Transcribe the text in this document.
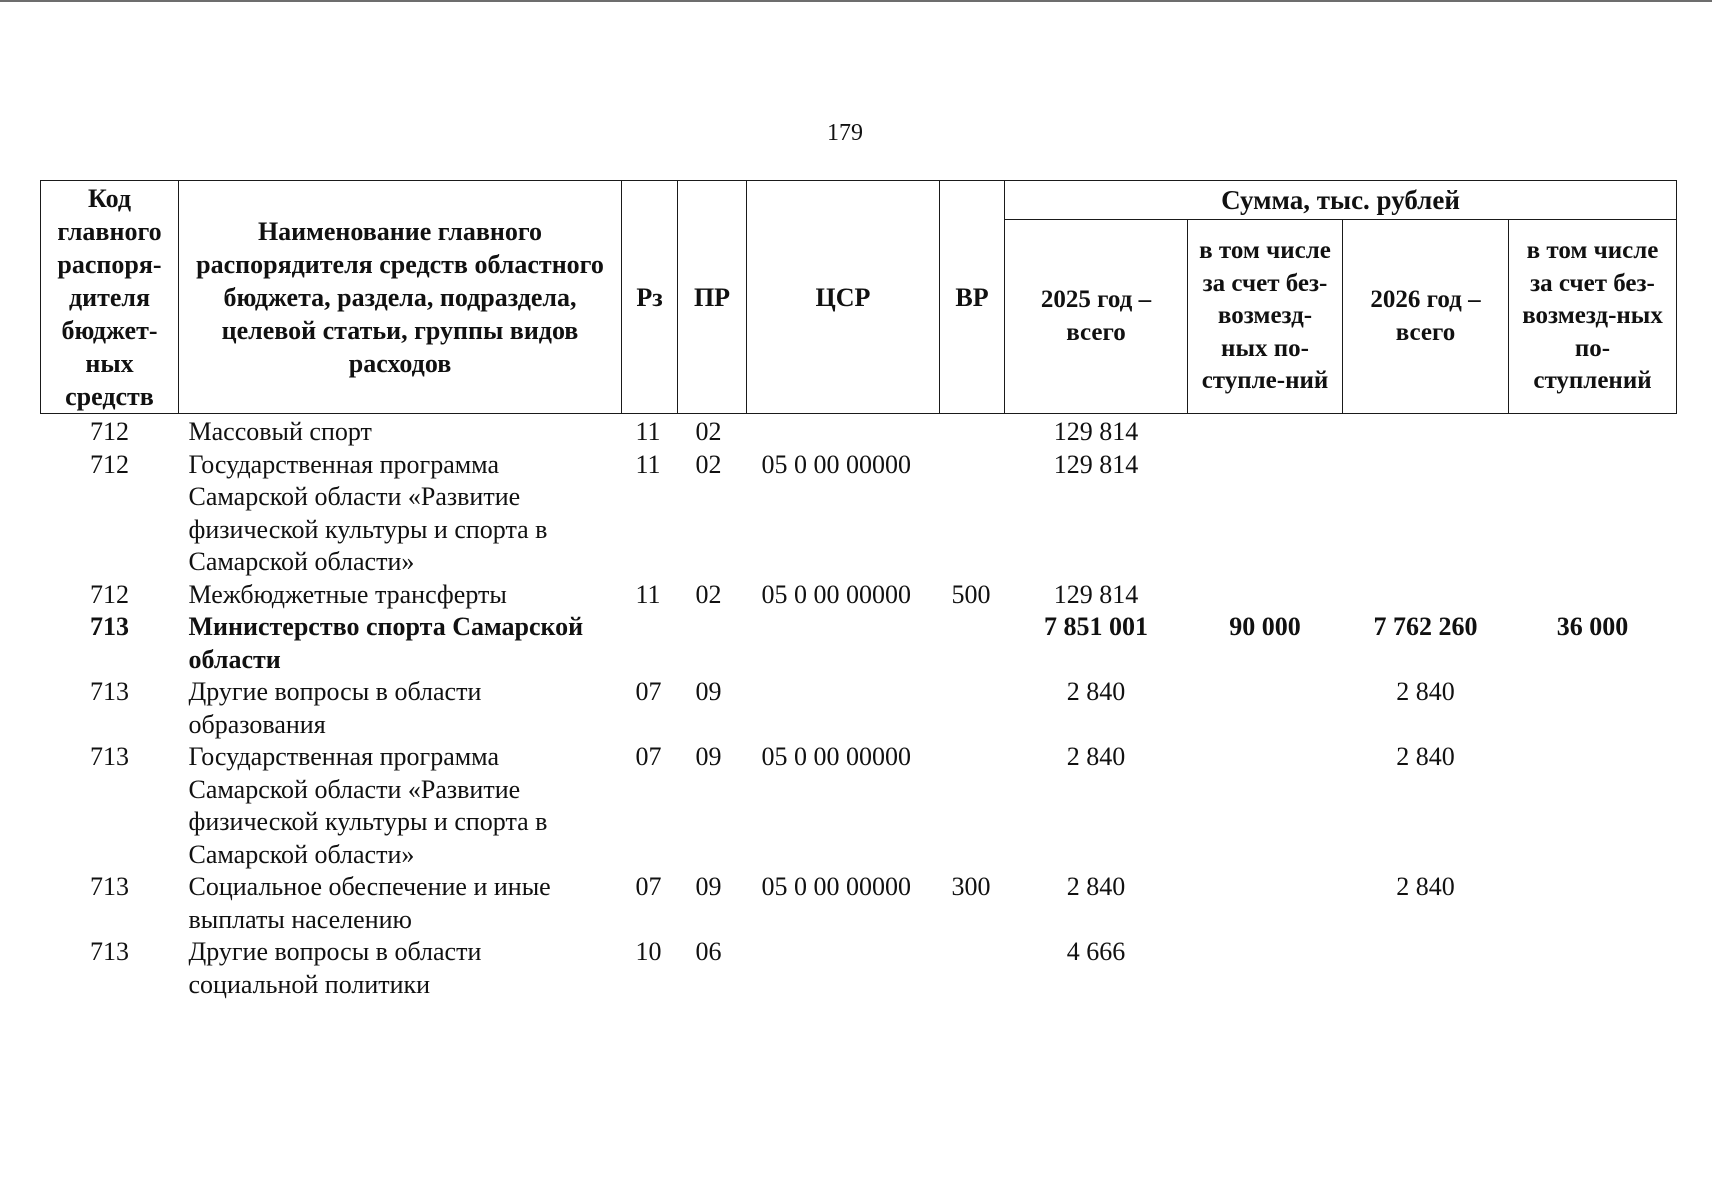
179
Код главного распоря-дителя бюджет-ных средств	Наименование главного распорядителя средств областного бюджета, раздела, подраздела, целевой статьи, группы видов расходов	Рз	ПР	ЦСР	ВР	Сумма, тыс. рублей			
						2025 год – всего	в том числе за счет без-возмезд-ных по-ступле-ний	2026 год – всего	в том числе за счет без-возмезд-ных по-ступлений
712	Массовый спорт	11	02			129 814			
712	Государственная программа Самарской области «Развитие физической культуры и спорта в Самарской области»	11	02	05 0 00 00000		129 814			
712	Межбюджетные трансферты	11	02	05 0 00 00000	500	129 814			
713	Министерство спорта Самарской области					7 851 001	90 000	7 762 260	36 000
713	Другие вопросы в области образования	07	09			2 840		2 840	
713	Государственная программа Самарской области «Развитие физической культуры и спорта в Самарской области»	07	09	05 0 00 00000		2 840		2 840	
713	Социальное обеспечение и иные выплаты населению	07	09	05 0 00 00000	300	2 840		2 840	
713	Другие вопросы в области социальной политики	10	06			4 666			
